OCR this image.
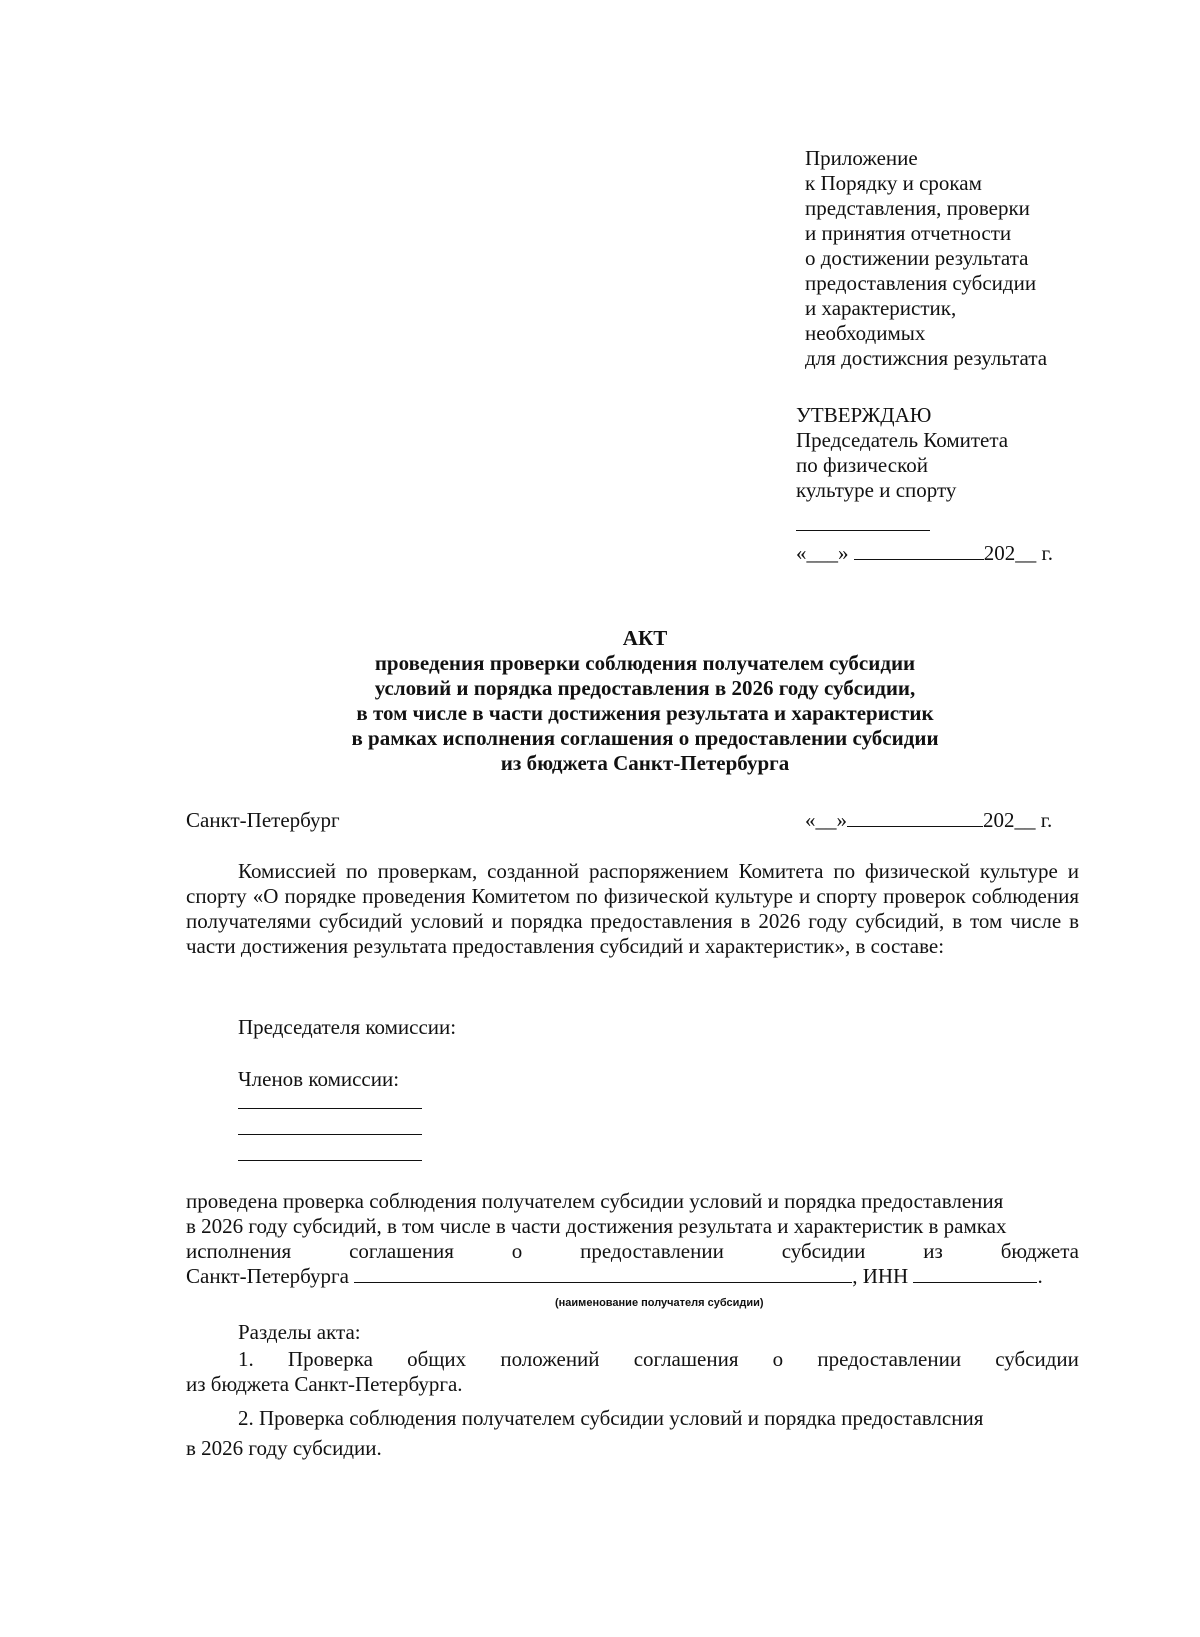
Приложение
к Порядку и срокам
представления, проверки
и принятия отчетности
о достижении результата
предоставления субсидии
и характеристик,
необходимых
для достижсния результата
УТВЕРЖДАЮ
Председатель Комитета
по физической
культуре и спорту
«___»	202__ г.
АКТ
проведения проверки соблюдения получателем субсидии
условий и порядка предоставления в 2026 году субсидии,
в том числе в части достижения результата и характеристик
в рамках исполнения соглашения о предоставлении субсидии
из бюджета Санкт-Петербурга
Санкт-Петербург	«__»	202__ г.
Комиссией по проверкам, созданной распоряжением Комитета по физической культуре и спорту «О порядке проведения Комитетом по физической культуре и спорту проверок соблюдения получателями субсидий условий и порядка предоставления в 2026 году субсидий, в том числе в части достижения результата предоставления субсидий и характеристик», в составе:
Председателя комиссии:
Членов комиссии:
проведена проверка соблюдения получателем субсидии условий и порядка предоставления
в 2026 году субсидий, в том числе в части достижения результата и характеристик в рамках
исполнения	соглашения	о	предоставлении	субсидии	из	бюджета
Санкт-Петербурга	, ИНН	.
(наименование получателя субсидии)
Разделы акта:
1. Проверка общих положений соглашения о предоставлении субсидии
из бюджета Санкт-Петербурга.
2. Проверка соблюдения получателем субсидии условий и порядка предоставлсния
в 2026 году субсидии.
